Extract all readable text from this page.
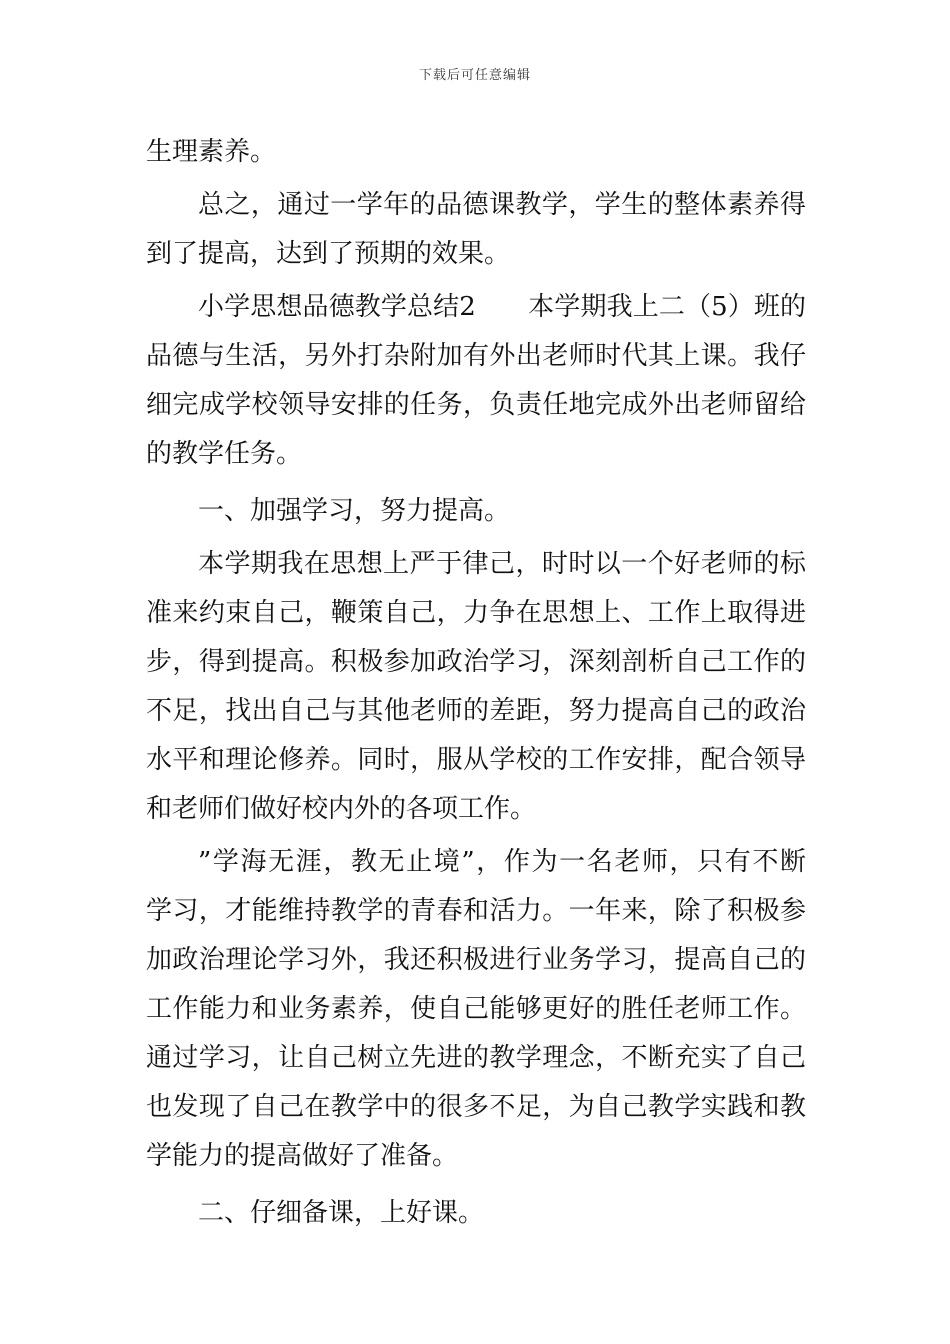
下载后可任意编辑
生理素养。
总之，通过一学年的品德课教学，学生的整体素养得
到了提高，达到了预期的效果。
小学思想品德教学总结2　　本学期我上二（5）班的
品德与生活，另外打杂附加有外出老师时代其上课。我仔
细完成学校领导安排的任务，负责任地完成外出老师留给
的教学任务。
一、加强学习，努力提高。
本学期我在思想上严于律己，时时以一个好老师的标
准来约束自己，鞭策自己，力争在思想上、工作上取得进
步，得到提高。积极参加政治学习，深刻剖析自己工作的
不足，找出自己与其他老师的差距，努力提高自己的政治
水平和理论修养。同时，服从学校的工作安排，配合领导
和老师们做好校内外的各项工作。
”学海无涯，教无止境”，作为一名老师，只有不断
学习，才能维持教学的青春和活力。一年来，除了积极参
加政治理论学习外，我还积极进行业务学习，提高自己的
工作能力和业务素养，使自己能够更好的胜任老师工作。
通过学习，让自己树立先进的教学理念，不断充实了自己
也发现了自己在教学中的很多不足，为自己教学实践和教
学能力的提高做好了准备。
二、仔细备课，上好课。
